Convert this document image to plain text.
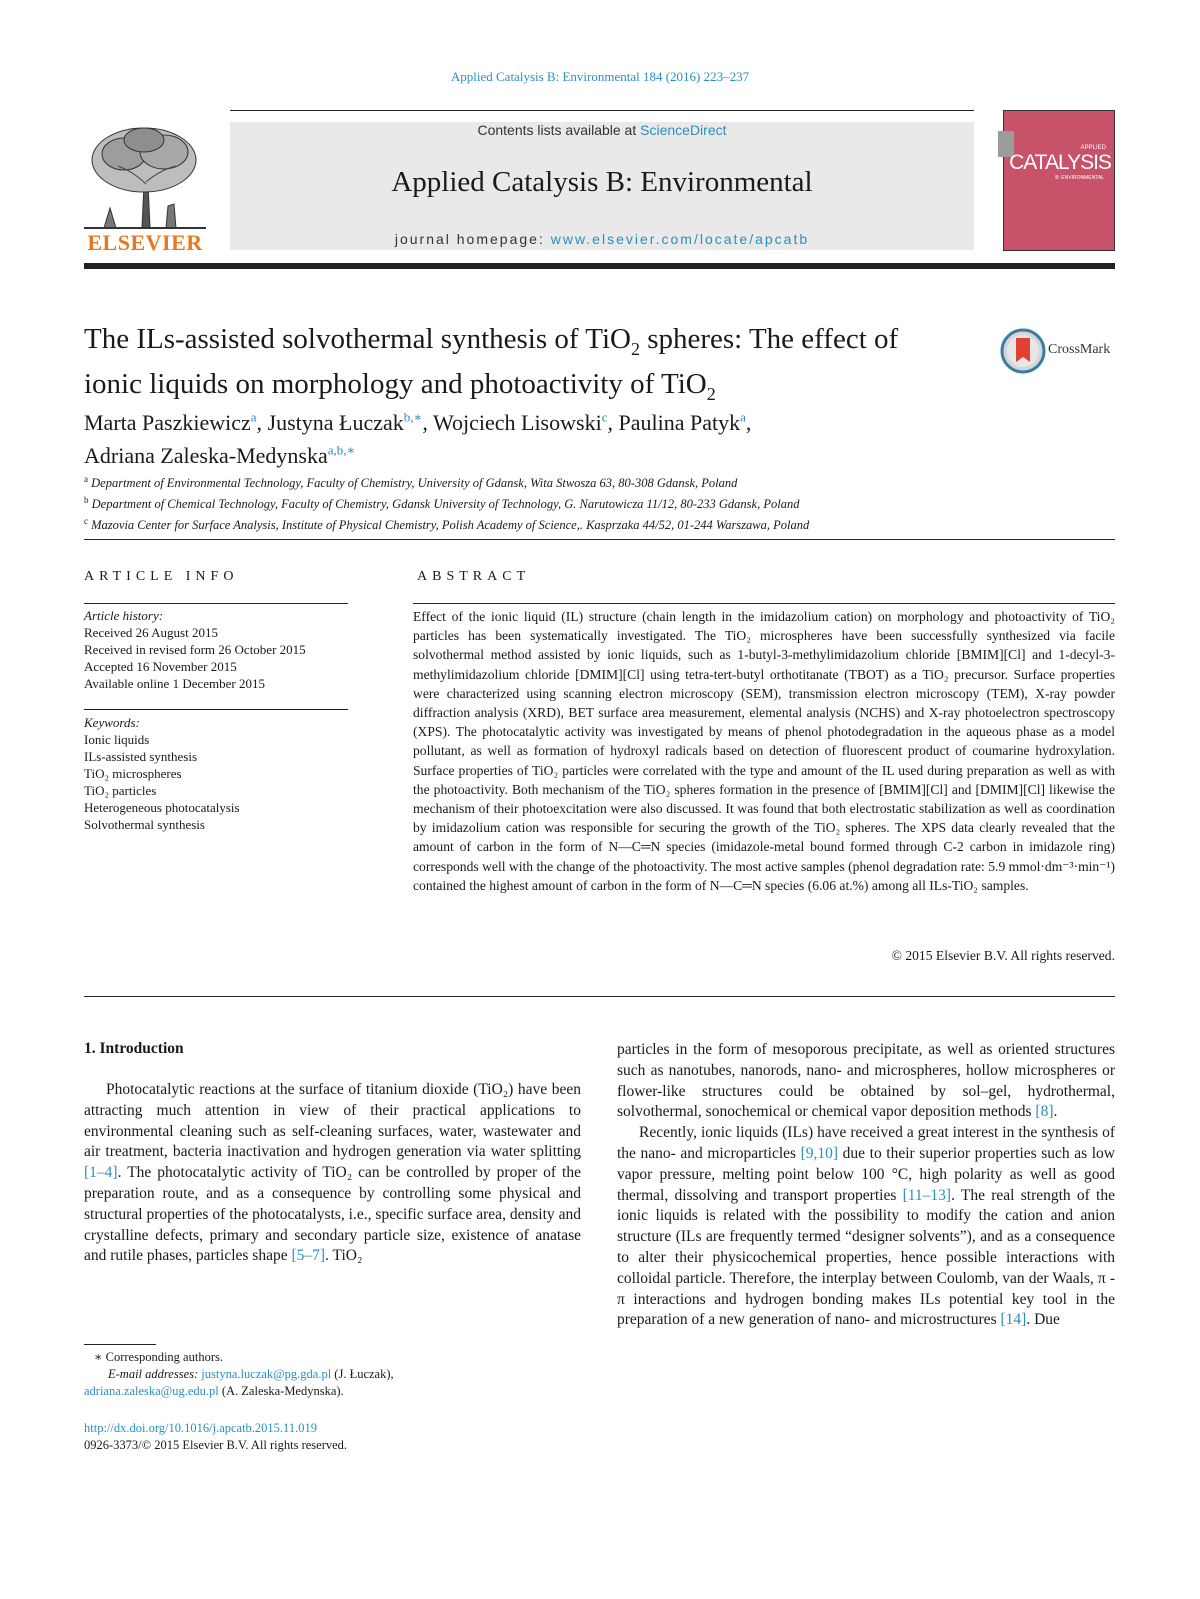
Applied Catalysis B: Environmental 184 (2016) 223–237
ELSEVIER
Contents lists available at ScienceDirect
Applied Catalysis B: Environmental
journal homepage: www.elsevier.com/locate/apcatb
APPLIED
CATALYSIS
B: ENVIRONMENTAL
The ILs-assisted solvothermal synthesis of TiO$_2$ spheres: The effect of
ionic liquids on morphology and photoactivity of TiO$_2$
CrossMark
Marta Paszkiewicz$^a$, Justyna Łuczak$^{b,∗}$, Wojciech Lisowski$^c$, Paulina Patyk$^a$,
Adriana Zaleska-Medynska$^{a,b,∗}$
$^a$ Department of Environmental Technology, Faculty of Chemistry, University of Gdansk, Wita Stwosza 63, 80-308 Gdansk, Poland
$^b$ Department of Chemical Technology, Faculty of Chemistry, Gdansk University of Technology, G. Narutowicza 11/12, 80-233 Gdansk, Poland
$^c$ Mazovia Center for Surface Analysis, Institute of Physical Chemistry, Polish Academy of Science,. Kasprzaka 44/52, 01-244 Warszawa, Poland
ARTICLE INFO	ABSTRACT
Article history:
Received 26 August 2015
Received in revised form 26 October 2015
Accepted 16 November 2015
Available online 1 December 2015
Keywords:
Ionic liquids
ILs-assisted synthesis
TiO₂ microspheres
TiO₂ particles
Heterogeneous photocatalysis
Solvothermal synthesis
Effect of the ionic liquid (IL) structure (chain length in the imidazolium cation) on morphology and photoactivity of TiO₂ particles has been systematically investigated. The TiO₂ microspheres have been successfully synthesized via facile solvothermal method assisted by ionic liquids, such as 1-butyl-3-methylimidazolium chloride [BMIM][Cl] and 1-decyl-3-methylimidazolium chloride [DMIM][Cl] using tetra-tert-butyl orthotitanate (TBOT) as a TiO₂ precursor. Surface properties were characterized using scanning electron microscopy (SEM), transmission electron microscopy (TEM), X-ray powder diffraction analysis (XRD), BET surface area measurement, elemental analysis (NCHS) and X-ray photoelectron spectroscopy (XPS). The photocatalytic activity was investigated by means of phenol photodegradation in the aqueous phase as a model pollutant, as well as formation of hydroxyl radicals based on detection of fluorescent product of coumarine hydroxylation. Surface properties of TiO₂ particles were correlated with the type and amount of the IL used during preparation as well as with the photoactivity. Both mechanism of the TiO₂ spheres formation in the presence of [BMIM][Cl] and [DMIM][Cl] likewise the mechanism of their photoexcitation were also discussed. It was found that both electrostatic stabilization as well as coordination by imidazolium cation was responsible for securing the growth of the TiO₂ spheres. The XPS data clearly revealed that the amount of carbon in the form of N—C═N species (imidazole-metal bound formed through C-2 carbon in imidazole ring) corresponds well with the change of the photoactivity. The most active samples (phenol degradation rate: 5.9 mmol·dm⁻³·min⁻¹) contained the highest amount of carbon in the form of N—C═N species (6.06 at.%) among all ILs-TiO₂ samples.
© 2015 Elsevier B.V. All rights reserved.
1. Introduction
Photocatalytic reactions at the surface of titanium dioxide (TiO₂) have been attracting much attention in view of their practical applications to environmental cleaning such as self-cleaning surfaces, water, wastewater and air treatment, bacteria inactivation and hydrogen generation via water splitting [1–4]. The photocatalytic activity of TiO₂ can be controlled by proper of the preparation route, and as a consequence by controlling some physical and structural properties of the photocatalysts, i.e., specific surface area, density and crystalline defects, primary and secondary particle size, existence of anatase and rutile phases, particles shape [5–7]. TiO₂

particles in the form of mesoporous precipitate, as well as oriented structures such as nanotubes, nanorods, nano- and microspheres, hollow microspheres or flower-like structures could be obtained by sol–gel, hydrothermal, solvothermal, sonochemical or chemical vapor deposition methods [8].

Recently, ionic liquids (ILs) have received a great interest in the synthesis of the nano- and microparticles [9,10] due to their superior properties such as low vapor pressure, melting point below 100 °C, high polarity as well as good thermal, dissolving and transport properties [11–13]. The real strength of the ionic liquids is related with the possibility to modify the cation and anion structure (ILs are frequently termed “designer solvents”), and as a consequence to alter their physicochemical properties, hence possible interactions with colloidal particle. Therefore, the interplay between Coulomb, van der Waals, π - π interactions and hydrogen bonding makes ILs potential key tool in the preparation of a new generation of nano- and microstructures [14]. Due

∗ Corresponding authors.
E-mail addresses: justyna.luczak@pg.gda.pl (J. Łuczak),
adriana.zaleska@ug.edu.pl (A. Zaleska-Medynska).
http://dx.doi.org/10.1016/j.apcatb.2015.11.019
0926-3373/© 2015 Elsevier B.V. All rights reserved.
